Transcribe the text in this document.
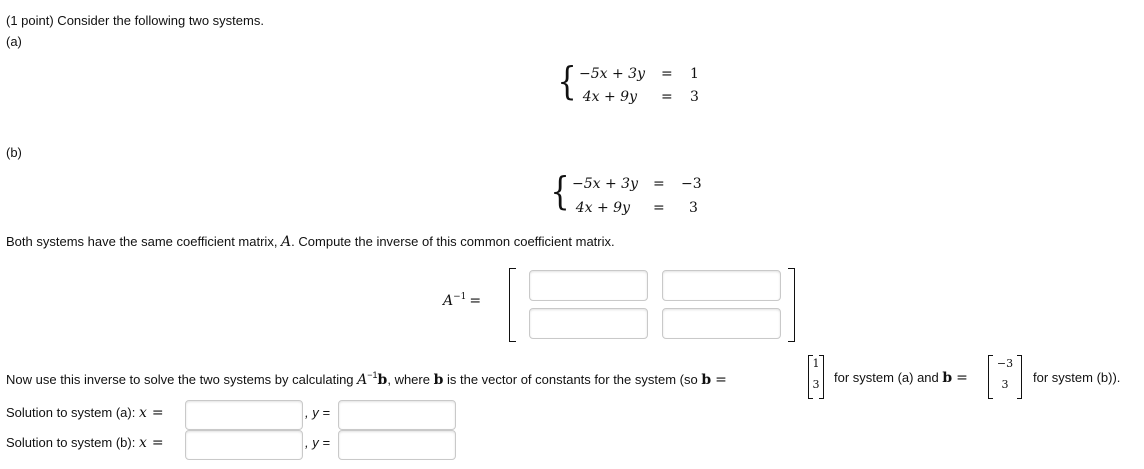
(1 point) Consider the following two systems.
(a)
{ −5x + 3y = 1
4x + 9y = 3
(b)
{ −5x + 3y = −3
4x + 9y = 3
Both systems have the same coefficient matrix, A. Compute the inverse of this common coefficient matrix.
$A^{-1}$ =
Now use this inverse to solve the two systems by calculating $A^{-1}b$, where b is the vector of constants for the system (so b =
1
3 for system (a) and b =
−3
3	for system (b)).
Solution to system (a): x =	, y =
Solution to system (b): x =	, y =
